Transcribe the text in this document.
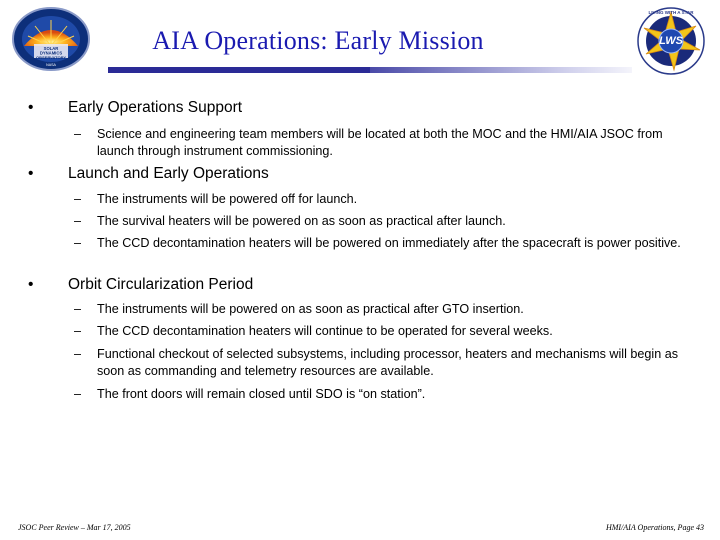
SOLAR
DYNAMICS
OBSERVATORY
NASA
LWS
LIVING WITH A STAR
AIA Operations: Early Mission
•	Early Operations Support
–	Science and engineering team members will be located at both the MOC and the HMI/AIA JSOC from launch through instrument commissioning.
•	Launch and Early Operations
–	The instruments will be powered off for launch.
–	The survival heaters will be powered on as soon as practical after launch.
–	The CCD decontamination heaters will be powered on immediately after the spacecraft is power positive.
•	Orbit Circularization Period
–	The instruments will be powered on as soon as practical after GTO insertion.
–	The CCD decontamination heaters will continue to be operated for several weeks.
–	Functional checkout of selected subsystems, including processor, heaters and mechanisms will begin as soon as commanding and telemetry resources are available.
–	The front doors will remain closed until SDO is “on station”.
JSOC Peer Review – Mar 17, 2005	HMI/AIA Operations, Page 43
